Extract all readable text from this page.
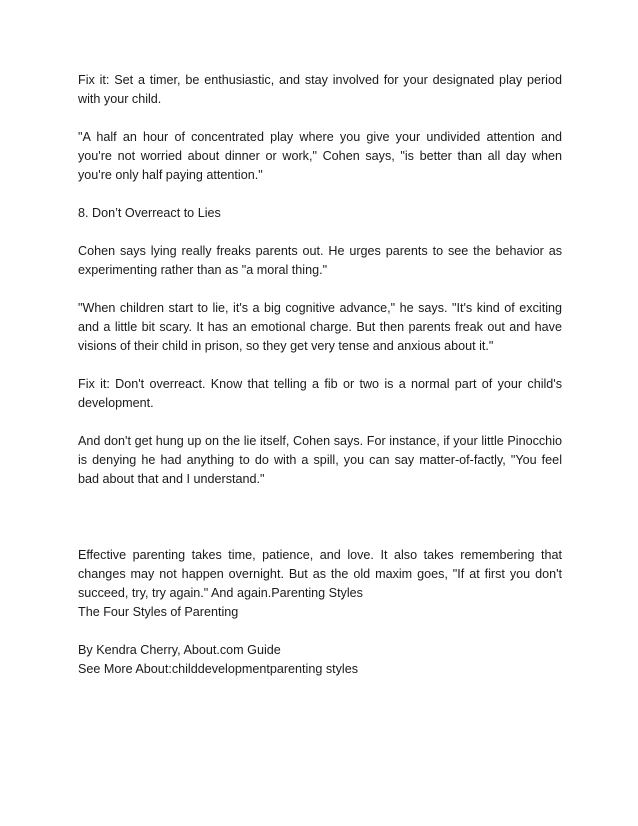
Fix it: Set a timer, be enthusiastic, and stay involved for your designated play period with your child.

"A half an hour of concentrated play where you give your undivided attention and you're not worried about dinner or work," Cohen says, "is better than all day when you're only half paying attention."

8. Don’t Overreact to Lies

Cohen says lying really freaks parents out. He urges parents to see the behavior as experimenting rather than as "a moral thing."

"When children start to lie, it's a big cognitive advance," he says. "It's kind of exciting and a little bit scary. It has an emotional charge. But then parents freak out and have visions of their child in prison, so they get very tense and anxious about it."

Fix it: Don't overreact. Know that telling a fib or two is a normal part of your child's development.

And don't get hung up on the lie itself, Cohen says. For instance, if your little Pinocchio is denying he had anything to do with a spill, you can say matter-of-factly, "You feel bad about that and I understand."

Effective parenting takes time, patience, and love. It also takes remembering that changes may not happen overnight. But as the old maxim goes, "If at first you don't succeed, try, try again." And again.Parenting Styles

The Four Styles of Parenting

By Kendra Cherry, About.com Guide

See More About:childdevelopmentparenting styles
